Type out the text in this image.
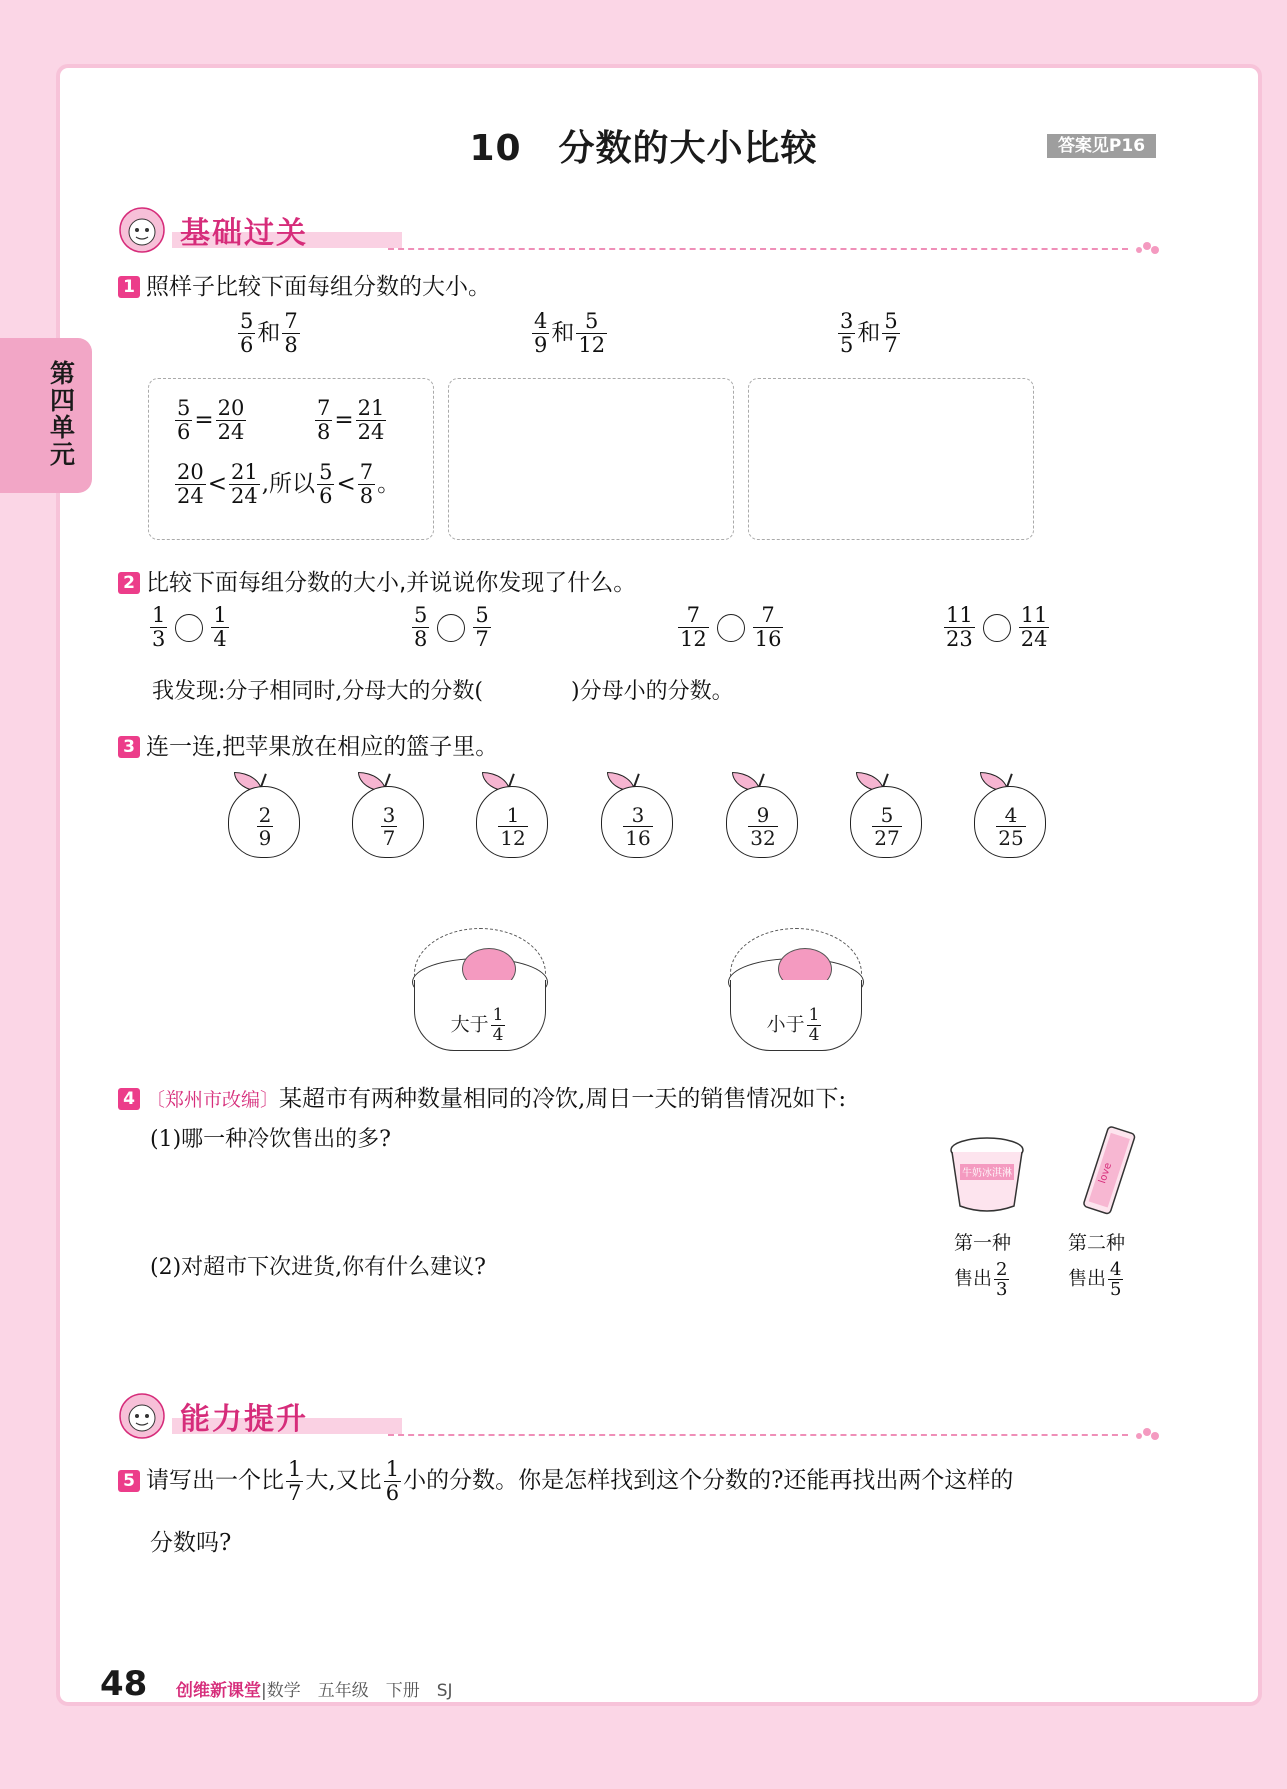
第四单元
10　分数的大小比较	答案见P16
基础过关
1 照样子比较下面每组分数的大小。
$\frac{5}{6}$ 和 $\frac{7}{8}$	$\frac{4}{9}$ 和 $\frac{5}{12}$	$\frac{3}{5}$ 和 $\frac{5}{7}$
$\frac{5}{6} = \frac{20}{24}$	$\frac{7}{8} = \frac{21}{24}$
$\frac{20}{24} < \frac{21}{24}$ ,所以 $\frac{5}{6} < \frac{7}{8}$ 。
2 比较下面每组分数的大小,并说说你发现了什么。
$\frac{1}{3} \frac{1}{4}$	$\frac{5}{8} \frac{5}{7}$	$\frac{7}{12} \frac{7}{16}$	$\frac{11}{23} \frac{11}{24}$
我发现:分子相同时,分母大的分数(	)分母小的分数。
3 连一连,把苹果放在相应的篮子里。
$\frac{2}{9}$	$\frac{3}{7}$	$\frac{1}{12}$	$\frac{3}{16}$	$\frac{9}{32}$	$\frac{5}{27}$	$\frac{4}{25}$
大于 $\frac{1}{4}$	小于 $\frac{1}{4}$
4 〔郑州市改编〕某超市有两种数量相同的冷饮,周日一天的销售情况如下:
(1)哪一种冷饮售出的多?
(2)对超市下次进货,你有什么建议?
牛奶冰淇淋	love
第一种
售出 $\frac{2}{3}$
第二种
售出 $\frac{4}{5}$
能力提升
5 请写出一个比 $\frac{1}{7}$ 大,又比 $\frac{1}{6}$ 小的分数。你是怎样找到这个分数的?还能再找出两个这样的
分数吗?
48 创维新课堂|数学　五年级　下册　SJ
